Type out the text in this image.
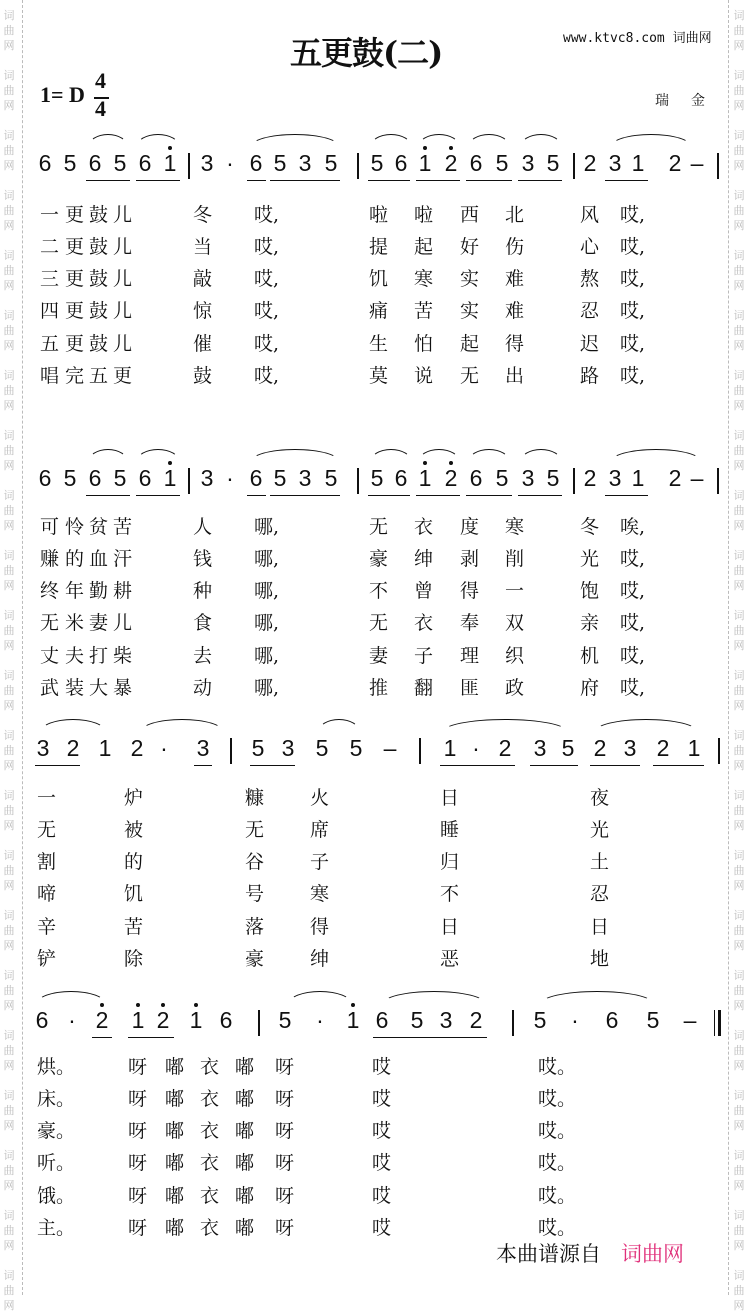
五更鼓(二)	www.ktvc8.com 词曲网
1= D
4
4	瑞金
本曲谱源自 词曲网
词
曲
网
词
曲
网
词
曲
网
词
曲
网
词
曲
网
词
曲
网
词
曲
网
词
曲
网
词
曲
网
词
曲
网
词
曲
网
词
曲
网
词
曲
网
词
曲
网
词
曲
网
词
曲
网
词
曲
网
词
曲
网
词
曲
网
词
曲
网
词
曲
网
词
曲
网
词
曲
网
词
曲
网
词
曲
网
词
曲
网
词
曲
网
词
曲
网
词
曲
网
词
曲
网
词
曲
网
词
曲
网
词
曲
网
词
曲
网
词
曲
网
词
曲
网
词
曲
网
词
曲
网
词
曲
网
词
曲
网
词
曲
网
词
曲
网
词
曲
网
词
曲
网
6 5 6 5 6 1 3 · 6 5 3 5 5 6 1 2 6 5 3 5 2 3 1 2 –
一 更 鼓 儿	冬 哎,	啦 啦 西 北	风 哎,
二 更 鼓 儿	当 哎,	提 起 好 伤	心 哎,
三 更 鼓 儿	敲 哎,	饥 寒 实 难	熬 哎,
四 更 鼓 儿	惊 哎,	痛 苦 实 难	忍 哎,
五 更 鼓 儿	催 哎,	生 怕 起 得	迟 哎,
唱 完 五 更	鼓 哎,	莫 说 无 出	路 哎,
6 5 6 5 6 1 3 · 6 5 3 5 5 6 1 2 6 5 3 5 2 3 1 2 –
可 怜 贫 苦	人 哪,	无 衣 度 寒	冬 唉,
赚 的 血 汗	钱 哪,	豪 绅 剥 削	光 哎,
终 年 勤 耕	种 哪,	不 曾 得 一	饱 哎,
无 米 妻 儿	食 哪,	无 衣 奉 双	亲 哎,
丈 夫 打 柴	去 哪,	妻 子 理 织	机 哎,
武 装 大 暴	动 哪,	推 翻 匪 政	府 哎,
3 2 1 2 · 3 5 3 5 5 – 1 · 2 3 5 2 3 2 1
一	炉	糠 火	日	夜
无	被	无 席	睡	光
割	的	谷 子	归	土
啼	饥	号 寒	不	忍
辛	苦	落 得	日	日
铲	除	豪 绅	恶	地
6 · 2 1 2 1 6 5 · 1 6 5 3 2 5 · 6 5 –
烘。	呀 嘟 衣 嘟 呀	哎	哎。
床。	呀 嘟 衣 嘟 呀	哎	哎。
豪。	呀 嘟 衣 嘟 呀	哎	哎。
听。	呀 嘟 衣 嘟 呀	哎	哎。
饿。	呀 嘟 衣 嘟 呀	哎	哎。
主。	呀 嘟 衣 嘟 呀	哎	哎。
